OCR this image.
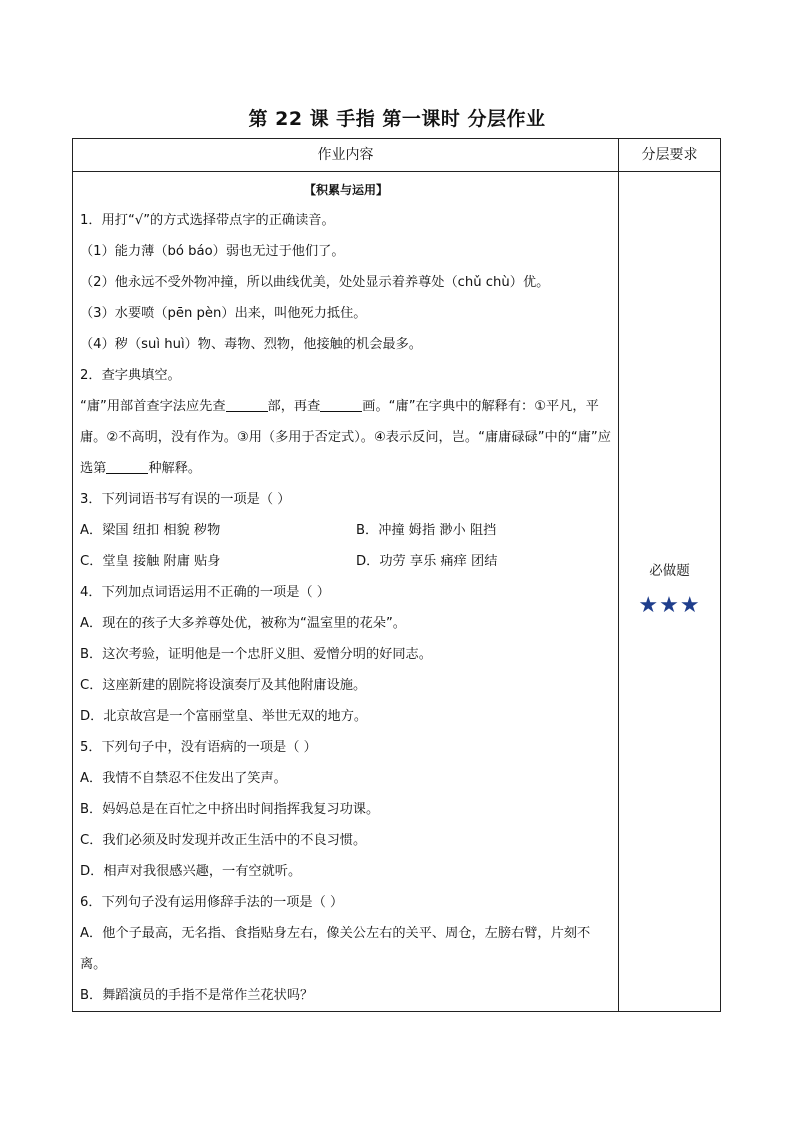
第 22 课 手指 第一课时 分层作业
作业内容	分层要求

【积累与运用】

1．用打“√”的方式选择带点字的正确读音。

（1）能力薄（bó báo）弱也无过于他们了。

（2）他永远不受外物冲撞，所以曲线优美，处处显示着养尊处（chǔ chù）优。

（3）水要喷（pēn pèn）出来，叫他死力抵住。

（4）秽（suì huì）物、毒物、烈物，他接触的机会最多。

2．查字典填空。

“庸”用部首查字法应先查	部，再查	画。“庸”在字典中的解释有：①平凡，平庸。②不高明，没有作为。③用（多用于否定式）。④表示反问，岂。“庸庸碌碌”中的“庸”应选第	种解释。

3．下列词语书写有误的一项是（ ）

A．梁国 纽扣 相貌 秽物	B．冲撞 姆指 渺小 阻挡

C．堂皇 接触 附庸 贴身	D．功劳 享乐 痛痒 团结

4．下列加点词语运用不正确的一项是（ ）

A．现在的孩子大多养尊处优，被称为“温室里的花朵”。

B．这次考验，证明他是一个忠肝义胆、爱憎分明的好同志。

C．这座新建的剧院将设演奏厅及其他附庸设施。

D．北京故宫是一个富丽堂皇、举世无双的地方。

5．下列句子中，没有语病的一项是（ ）

A．我情不自禁忍不住发出了笑声。

B．妈妈总是在百忙之中挤出时间指挥我复习功课。

C．我们必须及时发现并改正生活中的不良习惯。

D．相声对我很感兴趣，一有空就听。

6．下列句子没有运用修辞手法的一项是（ ）

A．他个子最高，无名指、食指贴身左右，像关公左右的关平、周仓，左膀右臂，片刻不离。

B．舞蹈演员的手指不是常作兰花状吗？

必做题
★★★
